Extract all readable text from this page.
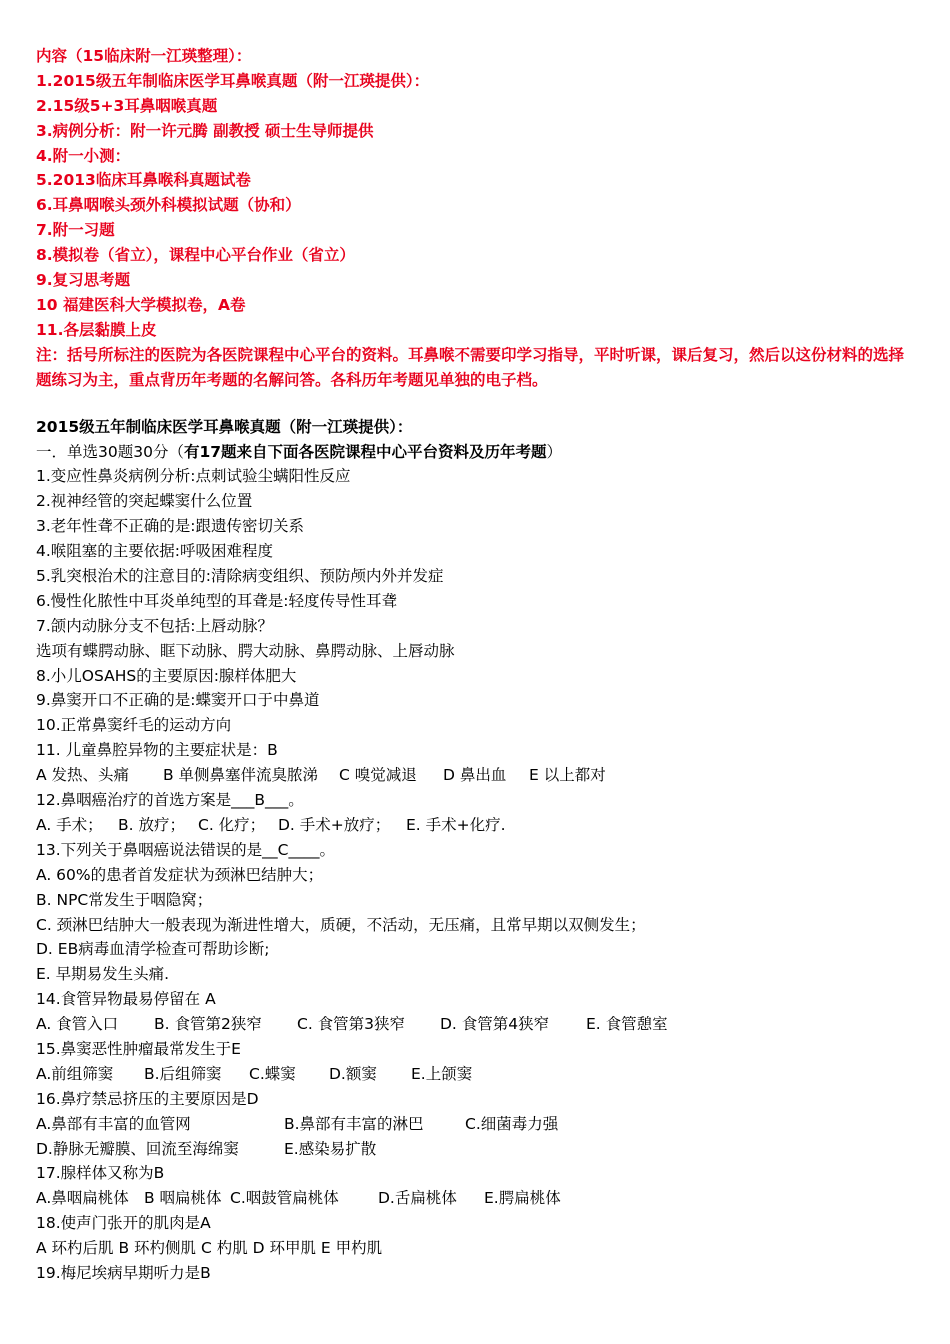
内容（15临床附一江瑛整理）：
1.2015级五年制临床医学耳鼻喉真题（附一江瑛提供）：
2.15级5+3耳鼻咽喉真题
3.病例分析：附一许元腾 副教授 硕士生导师提供
4.附一小测：
5.2013临床耳鼻喉科真题试卷
6.耳鼻咽喉头颈外科模拟试题（协和）
7.附一习题
8.模拟卷（省立），课程中心平台作业（省立）
9.复习思考题
10 福建医科大学模拟卷，A卷
11.各层黏膜上皮
注：括号所标注的医院为各医院课程中心平台的资料。耳鼻喉不需要印学习指导，平时听课，课后复习，然后以这份材料的选择题练习为主，重点背历年考题的名解问答。各科历年考题见单独的电子档。
2015级五年制临床医学耳鼻喉真题（附一江瑛提供）：
一．单选30题30分（有17题来自下面各医院课程中心平台资料及历年考题）
1.变应性鼻炎病例分析:点刺试验尘螨阳性反应
2.视神经管的突起蝶窦什么位置
3.老年性聋不正确的是:跟遗传密切关系
4.喉阻塞的主要依据:呼吸困难程度
5.乳突根治术的注意目的:清除病变组织、预防颅内外并发症
6.慢性化脓性中耳炎单纯型的耳聋是:轻度传导性耳聋
7.颌内动脉分支不包括:上唇动脉？
选项有蝶腭动脉、眶下动脉、腭大动脉、鼻腭动脉、上唇动脉
8.小儿OSAHS的主要原因:腺样体肥大
9.鼻窦开口不正确的是:蝶窦开口于中鼻道
10.正常鼻窦纤毛的运动方向
11. 儿童鼻腔异物的主要症状是：B
A 发热、头痛 B 单侧鼻塞伴流臭脓涕 C 嗅觉减退 D 鼻出血 E 以上都对
12.鼻咽癌治疗的首选方案是___B___。
A. 手术； B. 放疗； C. 化疗； D. 手术+放疗； E. 手术+化疗.
13.下列关于鼻咽癌说法错误的是__C____。
A. 60%的患者首发症状为颈淋巴结肿大；
B. NPC常发生于咽隐窝；
C. 颈淋巴结肿大一般表现为渐进性增大，质硬，不活动，无压痛，且常早期以双侧发生；
D. EB病毒血清学检查可帮助诊断;
E. 早期易发生头痛.
14.食管异物最易停留在 A
A. 食管入口 B. 食管第2狭窄 C. 食管第3狭窄 D. 食管第4狭窄 E. 食管憩室
15.鼻窦恶性肿瘤最常发生于E
A.前组筛窦 B.后组筛窦 C.蝶窦 D.额窦 E.上颌窦
16.鼻疗禁忌挤压的主要原因是D
A.鼻部有丰富的血管网	B.鼻部有丰富的淋巴	C.细菌毒力强
D.静脉无瓣膜、回流至海绵窦	E.感染易扩散
17.腺样体又称为B
A.鼻咽扁桃体 B 咽扁桃体 C.咽鼓管扁桃体	D.舌扁桃体 E.腭扁桃体
18.使声门张开的肌肉是A
A 环杓后肌 B 环杓侧肌 C 杓肌 D 环甲肌 E 甲杓肌
19.梅尼埃病早期听力是B
